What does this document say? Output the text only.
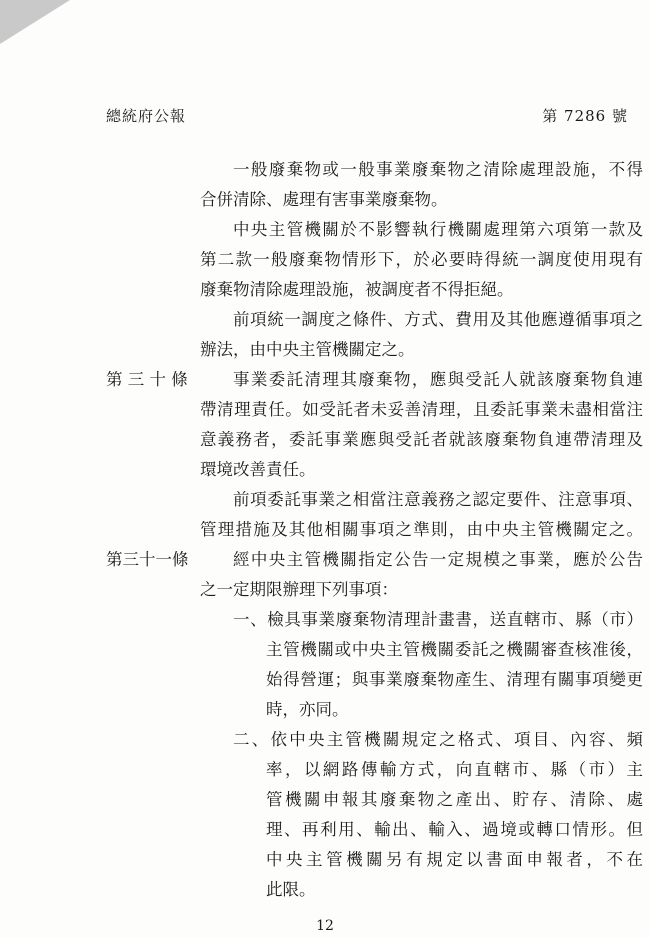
總統府公報	第 7286 號
一般廢棄物或一般事業廢棄物之清除處理設施，不得
合併清除、處理有害事業廢棄物。
中央主管機關於不影響執行機關處理第六項第一款及
第二款一般廢棄物情形下，於必要時得統一調度使用現有
廢棄物清除處理設施，被調度者不得拒絕。
前項統一調度之條件、方式、費用及其他應遵循事項之
辦法，由中央主管機關定之。
第 三 十 條	事業委託清理其廢棄物，應與受託人就該廢棄物負連
帶清理責任。如受託者未妥善清理，且委託事業未盡相當注
意義務者，委託事業應與受託者就該廢棄物負連帶清理及
環境改善責任。
前項委託事業之相當注意義務之認定要件、注意事項、
管理措施及其他相關事項之準則，由中央主管機關定之。
第三十一條	經中央主管機關指定公告一定規模之事業，應於公告
之一定期限辦理下列事項：
一、檢具事業廢棄物清理計畫書，送直轄市、縣（市）
主管機關或中央主管機關委託之機關審查核准後，
始得營運；與事業廢棄物產生、清理有關事項變更
時，亦同。
二、依中央主管機關規定之格式、項目、內容、頻
率，以網路傳輸方式，向直轄市、縣（市）主
管機關申報其廢棄物之產出、貯存、清除、處
理、再利用、輸出、輸入、過境或轉口情形。但
中央主管機關另有規定以書面申報者，不在
此限。
12
